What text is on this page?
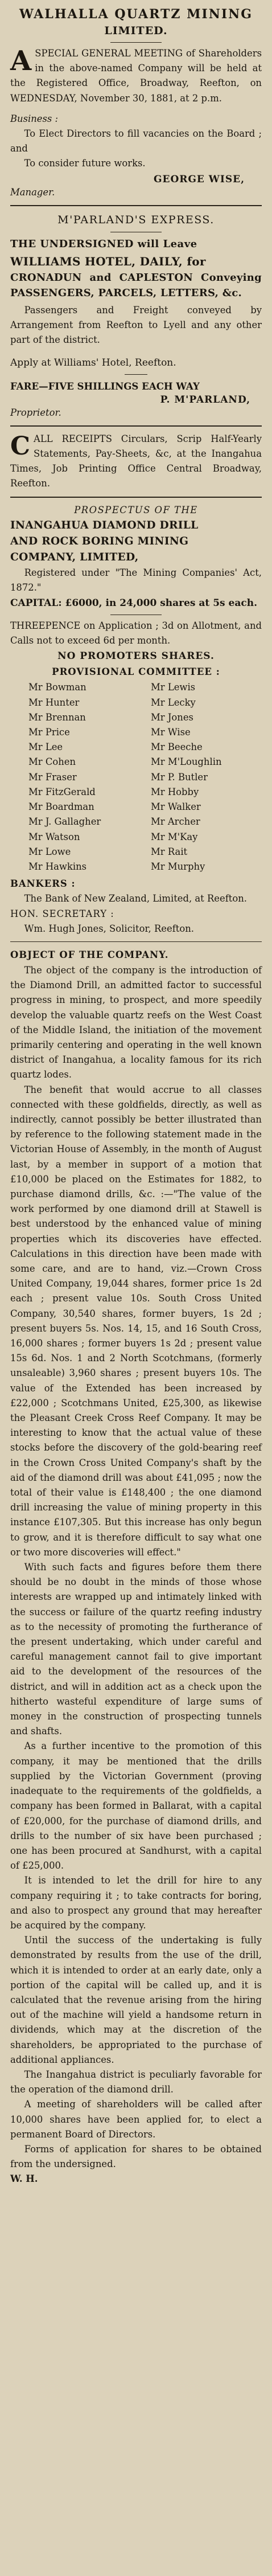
WALHALLA QUARTZ MINING

LIMITED.

A SPECIAL GENERAL MEETING of Shareholders in the above-named Company will be held at the Registered Office, Broadway, Reefton, on WEDNESDAY, November 30, 1881, at 2 p.m.

Business :

To Elect Directors to fill vacancies on the Board ; and

To consider future works.

GEORGE WISE,

Manager.

M'PARLAND'S EXPRESS.

THE UNDERSIGNED will Leave

WILLIAMS HOTEL, DAILY, for

CRONADUN and CAPLESTON Conveying PASSENGERS, PARCELS, LETTERS, &c.

Passengers and Freight conveyed by Arrangement from Reefton to Lyell and any other part of the district.

Apply at Williams' Hotel, Reefton.

FARE—FIVE SHILLINGS EACH WAY

P. M'PARLAND,

Proprietor.

C ALL RECEIPTS Circulars, Scrip Half-Yearly Statements, Pay-Sheets, &c, at the Inangahua Times, Job Printing Office Central Broadway, Reefton.

PROSPECTUS OF THE

INANGAHUA DIAMOND DRILL

AND ROCK BORING MINING

COMPANY, LIMITED,

Registered under "The Mining Companies' Act, 1872."

CAPITAL: £6000, in 24,000 shares at 5s each.

THREEPENCE on Application ; 3d on Allotment, and Calls not to exceed 6d per month.

NO PROMOTERS SHARES.

PROVISIONAL COMMITTEE :

Mr Bowman

Mr Hunter

Mr Brennan

Mr Price

Mr Lee

Mr Cohen

Mr Fraser

Mr FitzGerald

Mr Boardman

Mr J. Gallagher

Mr Watson

Mr Lowe

Mr Hawkins

Mr Lewis

Mr Lecky

Mr Jones

Mr Wise

Mr Beeche

Mr M'Loughlin

Mr P. Butler

Mr Hobby

Mr Walker

Mr Archer

Mr M'Kay

Mr Rait

Mr Murphy

BANKERS :

The Bank of New Zealand, Limited, at Reefton.

HON. SECRETARY :

Wm. Hugh Jones, Solicitor, Reefton.

OBJECT OF THE COMPANY.

The object of the company is the introduction of the Diamond Drill, an admitted factor to successful progress in mining, to prospect, and more speedily develop the valuable quartz reefs on the West Coast of the Middle Island, the initiation of the movement primarily centering and operating in the well known district of Inangahua, a locality famous for its rich quartz lodes.

The benefit that would accrue to all classes connected with these goldfields, directly, as well as indirectly, cannot possibly be better illustrated than by reference to the following statement made in the Victorian House of Assembly, in the month of August last, by a member in support of a motion that £10,000 be placed on the Estimates for 1882, to purchase diamond drills, &c. :—"The value of the work performed by one diamond drill at Stawell is best understood by the enhanced value of mining properties which its discoveries have effected. Calculations in this direction have been made with some care, and are to hand, viz.—Crown Cross United Company, 19,044 shares, former price 1s 2d each ; present value 10s. South Cross United Company, 30,540 shares, former buyers, 1s 2d ; present buyers 5s. Nos. 14, 15, and 16 South Cross, 16,000 shares ; former buyers 1s 2d ; present value 15s 6d. Nos. 1 and 2 North Scotchmans, (formerly unsaleable) 3,960 shares ; present buyers 10s. The value of the Extended has been increased by £22,000 ; Scotchmans United, £25,300, as likewise the Pleasant Creek Cross Reef Company. It may be interesting to know that the actual value of these stocks before the discovery of the gold-bearing reef in the Crown Cross United Company's shaft by the aid of the diamond drill was about £41,095 ; now the total of their value is £148,400 ; the one diamond drill increasing the value of mining property in this instance £107,305. But this increase has only begun to grow, and it is therefore difficult to say what one or two more discoveries will effect."

With such facts and figures before them there should be no doubt in the minds of those whose interests are wrapped up and intimately linked with the success or failure of the quartz reefing industry as to the necessity of promoting the furtherance of the present undertaking, which under careful and careful management cannot fail to give important aid to the development of the resources of the district, and will in addition act as a check upon the hitherto wasteful expenditure of large sums of money in the construction of prospecting tunnels and shafts.

As a further incentive to the promotion of this company, it may be mentioned that the drills supplied by the Victorian Government (proving inadequate to the requirements of the goldfields, a company has been formed in Ballarat, with a capital of £20,000, for the purchase of diamond drills, and drills to the number of six have been purchased ; one has been procured at Sandhurst, with a capital of £25,000.

It is intended to let the drill for hire to any company requiring it ; to take contracts for boring, and also to prospect any ground that may hereafter be acquired by the company.

Until the success of the undertaking is fully demonstrated by results from the use of the drill, which it is intended to order at an early date, only a portion of the capital will be called up, and it is calculated that the revenue arising from the hiring out of the machine will yield a handsome return in dividends, which may at the discretion of the shareholders, be appropriated to the purchase of additional appliances.

The Inangahua district is peculiarly favorable for the operation of the diamond drill.

A meeting of shareholders will be called after 10,000 shares have been applied for, to elect a permanent Board of Directors.

Forms of application for shares to be obtained from the undersigned.

W. H.
